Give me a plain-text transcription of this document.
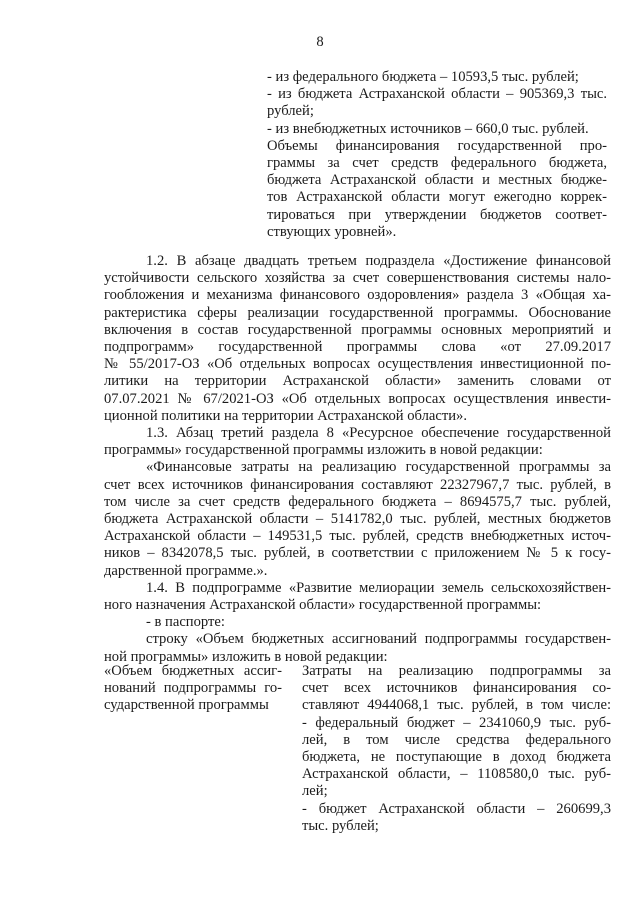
8
- из федерального бюджета – 10593,5 тыс. рублей;
- из бюджета Астраханской области – 905369,3 тыс.
рублей;
- из внебюджетных источников – 660,0 тыс. рублей.
Объемы финансирования государственной про-
граммы за счет средств федерального бюджета,
бюджета Астраханской области и местных бюдже-
тов Астраханской области могут ежегодно коррек-
тироваться при утверждении бюджетов соответ-
ствующих уровней».
1.2. В абзаце двадцать третьем подраздела «Достижение финансовой
устойчивости сельского хозяйства за счет совершенствования системы нало-
гообложения и механизма финансового оздоровления» раздела 3 «Общая ха-
рактеристика сферы реализации государственной программы. Обоснование
включения в состав государственной программы основных мероприятий и
подпрограмм» государственной программы слова «от 27.09.2017
№ 55/2017-ОЗ «Об отдельных вопросах осуществления инвестиционной по-
литики на территории Астраханской области» заменить словами от
07.07.2021 № 67/2021-ОЗ «Об отдельных вопросах осуществления инвести-
ционной политики на территории Астраханской области».
1.3. Абзац третий раздела 8 «Ресурсное обеспечение государственной
программы» государственной программы изложить в новой редакции:
«Финансовые затраты на реализацию государственной программы за
счет всех источников финансирования составляют 22327967,7 тыс. рублей, в
том числе за счет средств федерального бюджета – 8694575,7 тыс. рублей,
бюджета Астраханской области – 5141782,0 тыс. рублей, местных бюджетов
Астраханской области – 149531,5 тыс. рублей, средств внебюджетных источ-
ников – 8342078,5 тыс. рублей, в соответствии с приложением № 5 к госу-
дарственной программе.».
1.4. В подпрограмме «Развитие мелиорации земель сельскохозяйствен-
ного назначения Астраханской области» государственной программы:
- в паспорте:
строку «Объем бюджетных ассигнований подпрограммы государствен-
ной программы» изложить в новой редакции:
«Объем бюджетных ассиг-
нований подпрограммы го-
сударственной программы
Затраты на реализацию подпрограммы за
счет всех источников финансирования со-
ставляют 4944068,1 тыс. рублей, в том числе:
- федеральный бюджет – 2341060,9 тыс. руб-
лей, в том числе средства федерального
бюджета, не поступающие в доход бюджета
Астраханской области, – 1108580,0 тыс. руб-
лей;
- бюджет Астраханской области – 260699,3
тыс. рублей;
